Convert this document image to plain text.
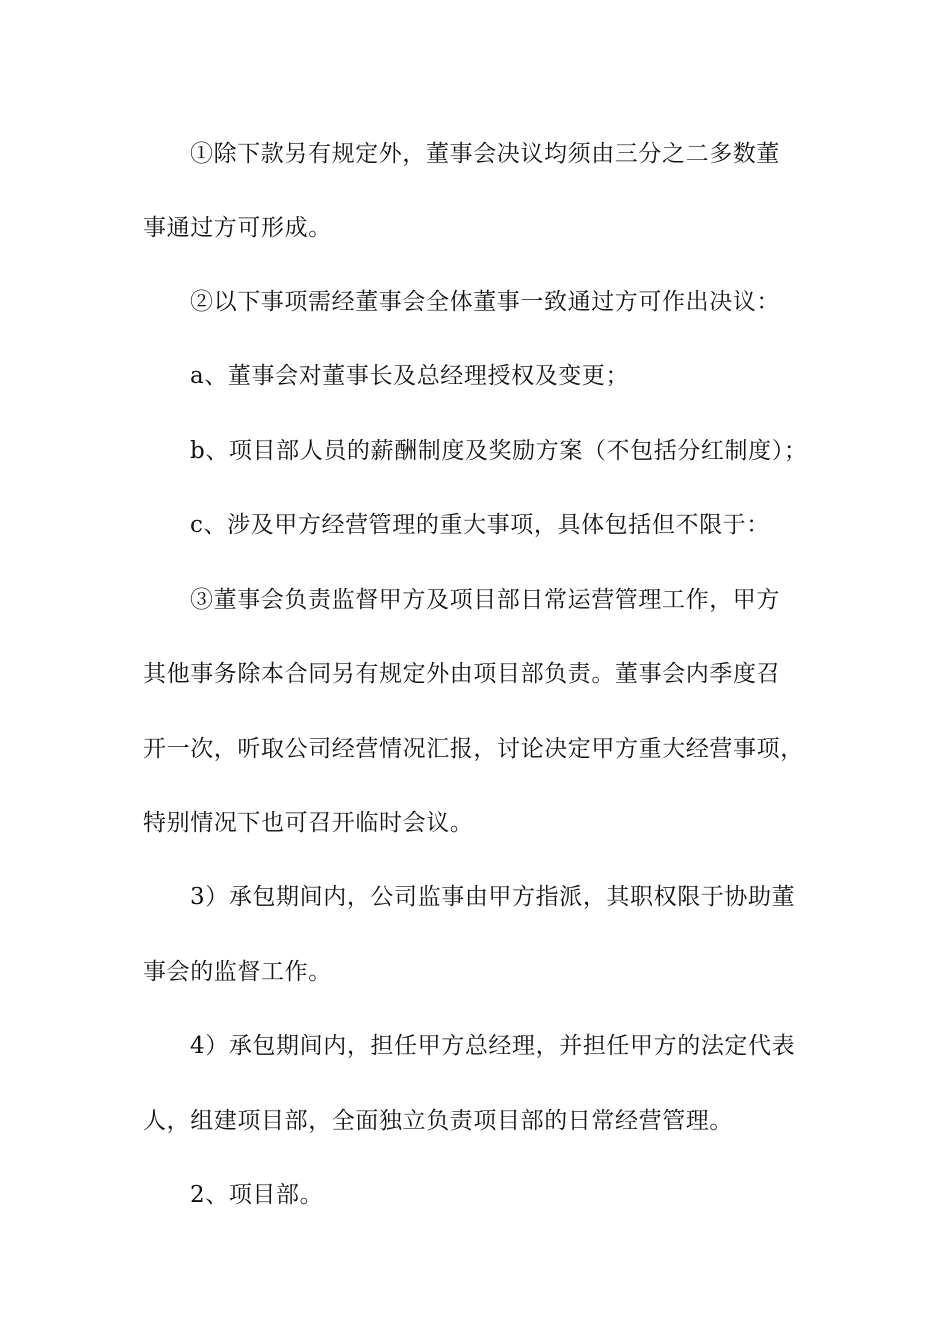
①除下款另有规定外，董事会决议均须由三分之二多数董

事通过方可形成。

②以下事项需经董事会全体董事一致通过方可作出决议：

a、董事会对董事长及总经理授权及变更；

b、项目部人员的薪酬制度及奖励方案（不包括分红制度）；

c、涉及甲方经营管理的重大事项，具体包括但不限于：

③董事会负责监督甲方及项目部日常运营管理工作，甲方

其他事务除本合同另有规定外由项目部负责。董事会内季度召

开一次，听取公司经营情况汇报，讨论决定甲方重大经营事项，

特别情况下也可召开临时会议。

3）承包期间内，公司监事由甲方指派，其职权限于协助董

事会的监督工作。

4）承包期间内，担任甲方总经理，并担任甲方的法定代表

人，组建项目部，全面独立负责项目部的日常经营管理。

2、项目部。
